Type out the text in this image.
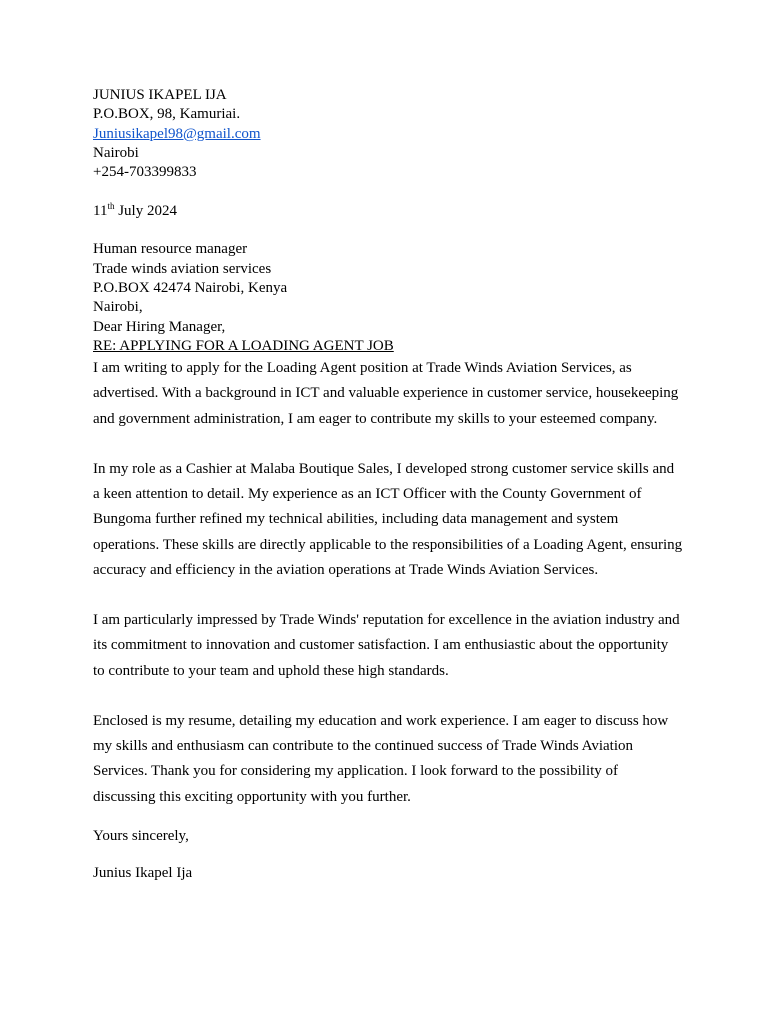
JUNIUS IKAPEL IJA
P.O.BOX, 98, Kamuriai.
Juniusikapel98@gmail.com
Nairobi
+254-703399833
11th July 2024
Human resource manager
Trade winds aviation services
P.O.BOX 42474 Nairobi, Kenya
Nairobi,
Dear Hiring Manager,
RE: APPLYING FOR A LOADING AGENT JOB

I am writing to apply for the Loading Agent position at Trade Winds Aviation Services, as advertised. With a background in ICT and valuable experience in customer service, housekeeping and government administration, I am eager to contribute my skills to your esteemed company.

In my role as a Cashier at Malaba Boutique Sales, I developed strong customer service skills and a keen attention to detail. My experience as an ICT Officer with the County Government of Bungoma further refined my technical abilities, including data management and system operations. These skills are directly applicable to the responsibilities of a Loading Agent, ensuring accuracy and efficiency in the aviation operations at Trade Winds Aviation Services.

I am particularly impressed by Trade Winds' reputation for excellence in the aviation industry and its commitment to innovation and customer satisfaction. I am enthusiastic about the opportunity to contribute to your team and uphold these high standards.

Enclosed is my resume, detailing my education and work experience. I am eager to discuss how my skills and enthusiasm can contribute to the continued success of Trade Winds Aviation Services. Thank you for considering my application. I look forward to the possibility of discussing this exciting opportunity with you further.

Yours sincerely,
Junius Ikapel Ija
